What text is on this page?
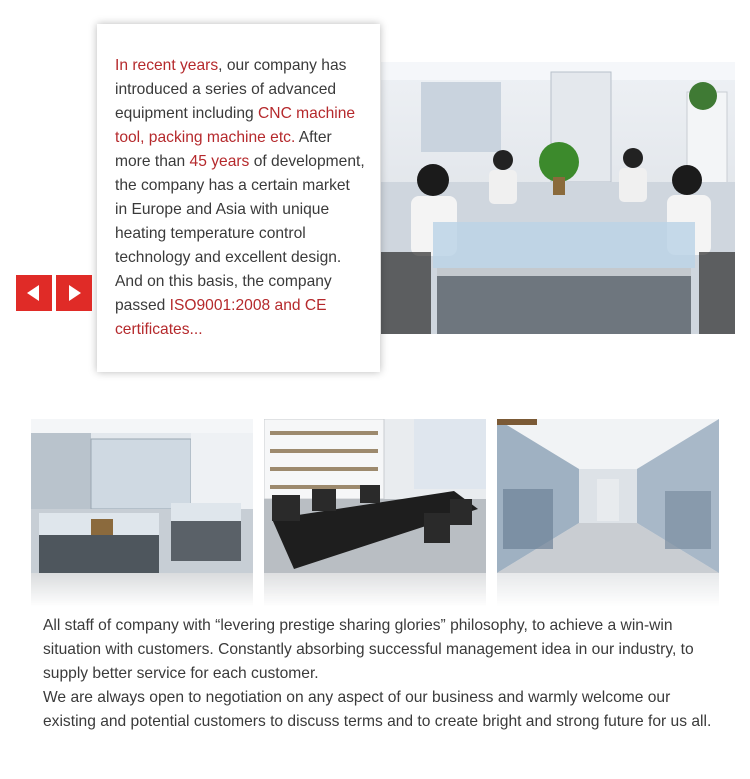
In recent years, our company has introduced a series of advanced equipment including CNC machine tool, packing machine etc. After more than 45 years of development, the company has a certain market in Europe and Asia with unique heating temperature control technology and excellent design. And on this basis, the company passed ISO9001:2008 and CE certificates...

All staff of company with “levering prestige sharing glories” philosophy, to achieve a win-win situation with customers. Constantly absorbing successful management idea in our industry, to supply better service for each customer.

We are always open to negotiation on any aspect of our business and warmly welcome our existing and potential customers to discuss terms and to create bright and strong future for us all.
